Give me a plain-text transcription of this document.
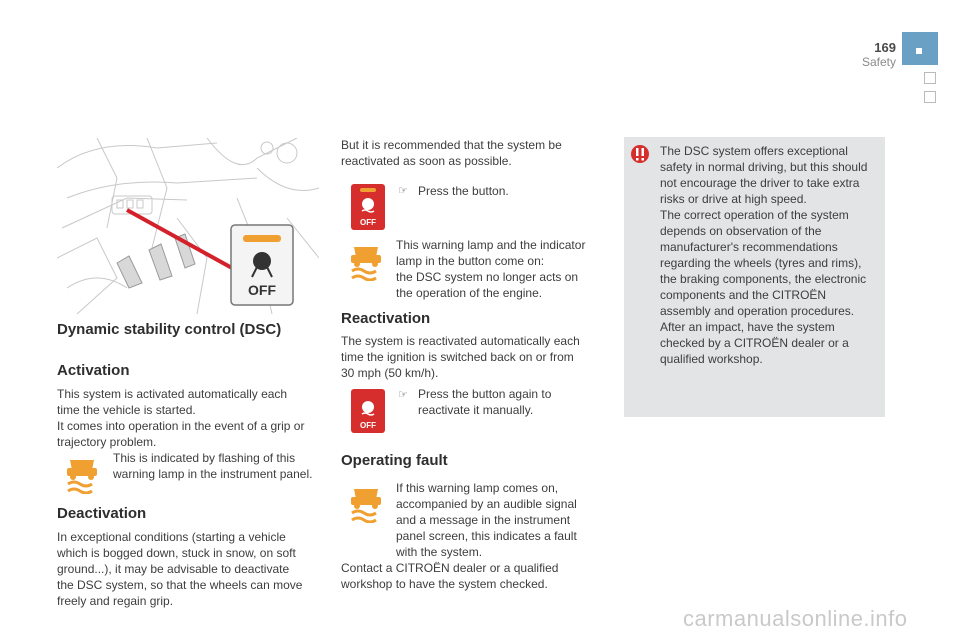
169
Safety
OFF
Dynamic stability control (DSC)
Activation

This system is activated automatically each

time the vehicle is started.

It comes into operation in the event of a grip or

trajectory problem.

This is indicated by flashing of this

warning lamp in the instrument panel.

Deactivation

In exceptional conditions (starting a vehicle

which is bogged down, stuck in snow, on soft

ground...), it may be advisable to deactivate

the DSC system, so that the wheels can move

freely and regain grip.

But it is recommended that the system be

reactivated as soon as possible.

OFF
☞ Press the button.

This warning lamp and the indicator

lamp in the button come on:

the DSC system no longer acts on

the operation of the engine.

Reactivation

The system is reactivated automatically each

time the ignition is switched back on or from

30 mph (50 km/h).

OFF
☞ Press the button again to

reactivate it manually.

Operating fault

If this warning lamp comes on,

accompanied by an audible signal

and a message in the instrument

panel screen, this indicates a fault

with the system.

Contact a CITROËN dealer or a qualified

workshop to have the system checked.

The DSC system offers exceptional

safety in normal driving, but this should

not encourage the driver to take extra

risks or drive at high speed.

The correct operation of the system

depends on observation of the

manufacturer's recommendations

regarding the wheels (tyres and rims),

the braking components, the electronic

components and the CITROËN

assembly and operation procedures.

After an impact, have the system

checked by a CITROËN dealer or a

qualified workshop.

carmanualsonline.info
